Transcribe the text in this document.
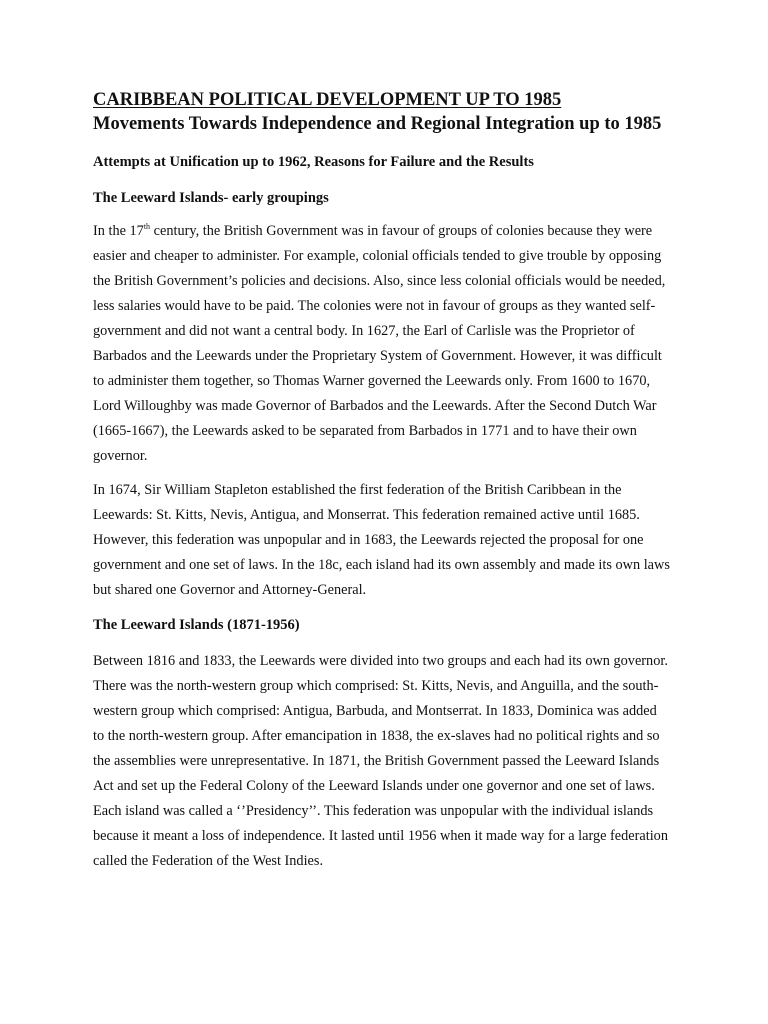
CARIBBEAN POLITICAL DEVELOPMENT UP TO 1985
Movements Towards Independence and Regional Integration up to 1985
Attempts at Unification up to 1962, Reasons for Failure and the Results
The Leeward Islands- early groupings

In the 17th century, the British Government was in favour of groups of colonies because they were easier and cheaper to administer. For example, colonial officials tended to give trouble by opposing the British Government’s policies and decisions. Also, since less colonial officials would be needed, less salaries would have to be paid. The colonies were not in favour of groups as they wanted self-government and did not want a central body. In 1627, the Earl of Carlisle was the Proprietor of Barbados and the Leewards under the Proprietary System of Government. However, it was difficult to administer them together, so Thomas Warner governed the Leewards only. From 1600 to 1670, Lord Willoughby was made Governor of Barbados and the Leewards. After the Second Dutch War (1665-1667), the Leewards asked to be separated from Barbados in 1771 and to have their own governor.

In 1674, Sir William Stapleton established the first federation of the British Caribbean in the Leewards: St. Kitts, Nevis, Antigua, and Monserrat. This federation remained active until 1685. However, this federation was unpopular and in 1683, the Leewards rejected the proposal for one government and one set of laws. In the 18c, each island had its own assembly and made its own laws but shared one Governor and Attorney-General.

The Leeward Islands (1871-1956)

Between 1816 and 1833, the Leewards were divided into two groups and each had its own governor. There was the north-western group which comprised: St. Kitts, Nevis, and Anguilla, and the south- western group which comprised: Antigua, Barbuda, and Montserrat. In 1833, Dominica was added to the north-western group. After emancipation in 1838, the ex-slaves had no political rights and so the assemblies were unrepresentative. In 1871, the British Government passed the Leeward Islands Act and set up the Federal Colony of the Leeward Islands under one governor and one set of laws. Each island was called a ‘’Presidency’’. This federation was unpopular with the individual islands because it meant a loss of independence. It lasted until 1956 when it made way for a large federation called the Federation of the West Indies.
